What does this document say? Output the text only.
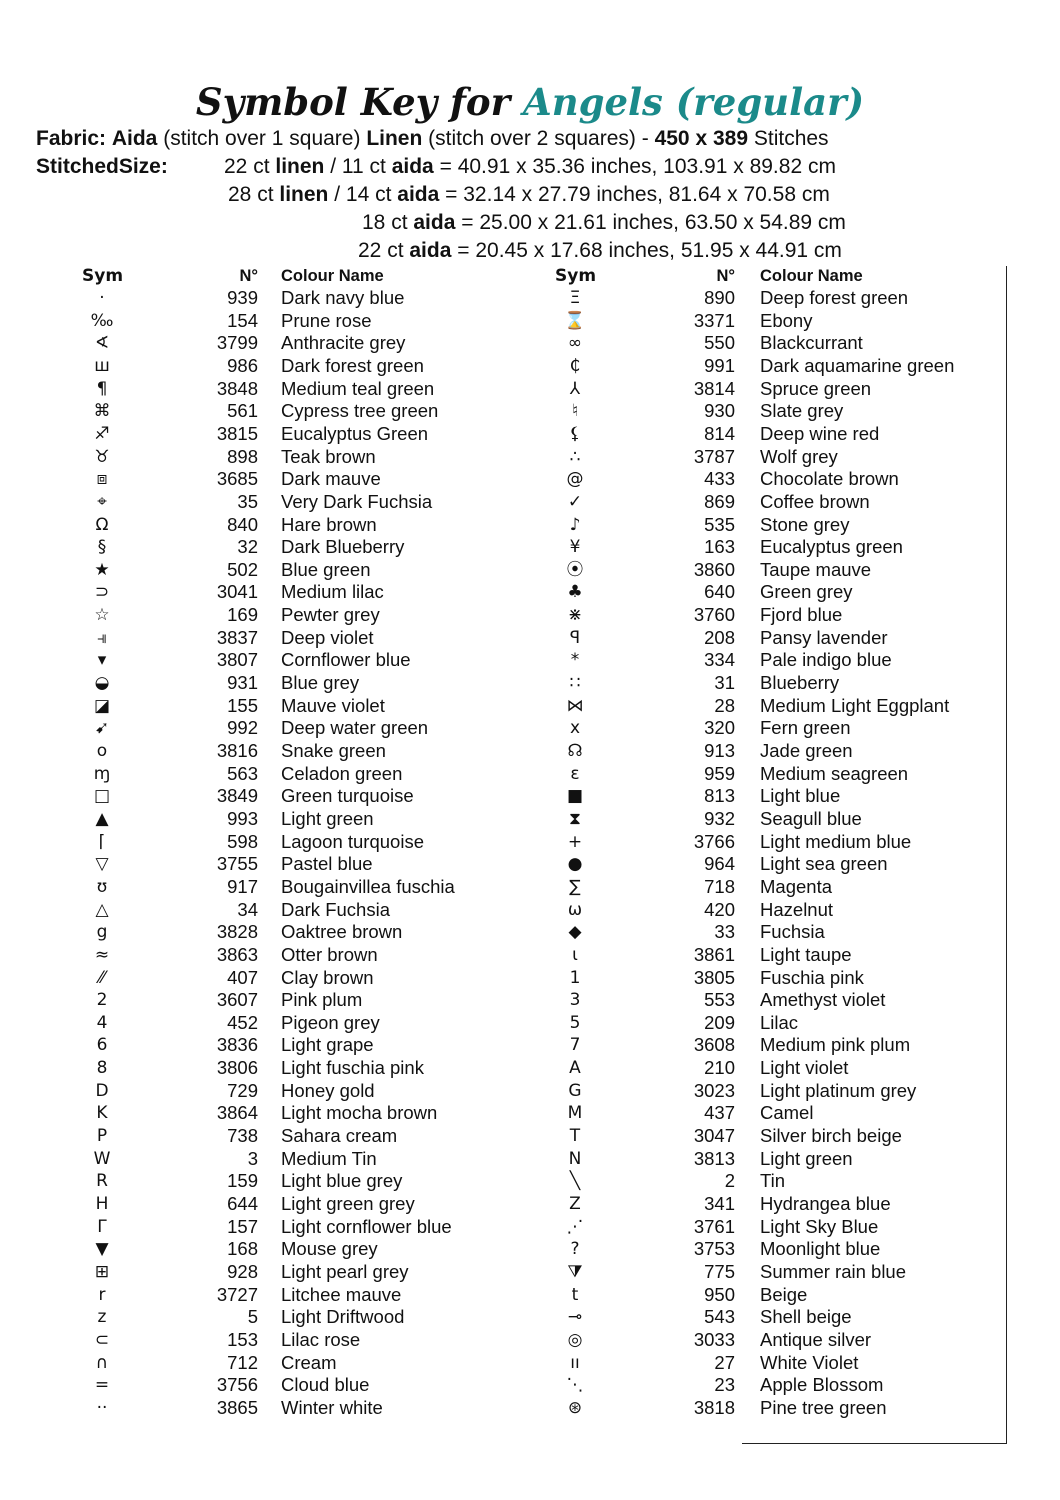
Symbol Key for Angels (regular)
Fabric: Aida (stitch over 1 square) Linen (stitch over 2 squares) - 450 x 389 Stitches
StitchedSize:	22 ct linen / 11 ct aida = 40.91 x 35.36 inches, 103.91 x 89.82 cm
28 ct linen / 14 ct aida = 32.14 x 27.79 inches, 81.64 x 70.58 cm
18 ct aida = 25.00 x 21.61 inches, 63.50 x 54.89 cm
22 ct aida = 20.45 x 17.68 inches, 51.95 x 44.91 cm
Sym	N° Colour Name	Sym	N° Colour Name
·	939 Dark navy blue
‰	154 Prune rose
∢	3799 Anthracite grey
ш	986 Dark forest green
¶	3848 Medium teal green
⌘	561 Cypress tree green
♐	3815 Eucalyptus Green
♉	898 Teak brown
⧈	3685 Dark mauve
⌖	35 Very Dark Fuchsia
Ω	840 Hare brown
§	32 Dark Blueberry
★	502 Blue green
⊃	3041 Medium lilac
☆	169 Pewter grey
⫣	3837 Deep violet
▾	3807 Cornflower blue
◒	931 Blue grey
◪	155 Mauve violet
➹	992 Deep water green
o	3816 Snake green
ɱ	563 Celadon green
□	3849 Green turquoise
▲	993 Light green
⌈	598 Lagoon turquoise
▽	3755 Pastel blue
ʊ	917 Bougainvillea fuschia
△	34 Dark Fuchsia
g	3828 Oaktree brown
≈	3863 Otter brown
⁄⁄	407 Clay brown
2	3607 Pink plum
4	452 Pigeon grey
6	3836 Light grape
8	3806 Light fuschia pink
D	729 Honey gold
K	3864 Light mocha brown
P	738 Sahara cream
W	3 Medium Tin
R	159 Light blue grey
H	644 Light green grey
Γ	157 Light cornflower blue
▼	168 Mouse grey
⊞	928 Light pearl grey
r	3727 Litchee mauve
z	5 Light Driftwood
⊂	153 Lilac rose
∩	712 Cream
=	3756 Cloud blue
··	3865 Winter white
Ξ	890 Deep forest green
⌛	3371 Ebony
∞	550 Blackcurrant
₵	991 Dark aquamarine green
⅄	3814 Spruce green
♮	930 Slate grey
⚸	814 Deep wine red
∴	3787 Wolf grey
@	433 Chocolate brown
✓	869 Coffee brown
♪	535 Stone grey
¥	163 Eucalyptus green
⦿	3860 Taupe mauve
♣	640 Green grey
⋇	3760 Fjord blue
ꟼ	208 Pansy lavender
*	334 Pale indigo blue
∷	31 Blueberry
⋈	28 Medium Light Eggplant
x	320 Fern green
☊	913 Jade green
ɛ	959 Medium seagreen
■	813 Light blue
⧗	932 Seagull blue
+	3766 Light medium blue
●	964 Light sea green
∑	718 Magenta
ω	420 Hazelnut
◆	33 Fuchsia
ɩ	3861 Light taupe
1	3805 Fuschia pink
3	553 Amethyst violet
5	209 Lilac
7	3608 Medium pink plum
A	210 Light violet
G	3023 Light platinum grey
M	437 Camel
T	3047 Silver birch beige
N	3813 Light green
╲	2 Tin
Z	341 Hydrangea blue
⋰	3761 Light Sky Blue
?	3753 Moonlight blue
⧩	775 Summer rain blue
t	950 Beige
⊸	543 Shell beige
◎	3033 Antique silver
ıı	27 White Violet
⋱	23 Apple Blossom
⊛	3818 Pine tree green
